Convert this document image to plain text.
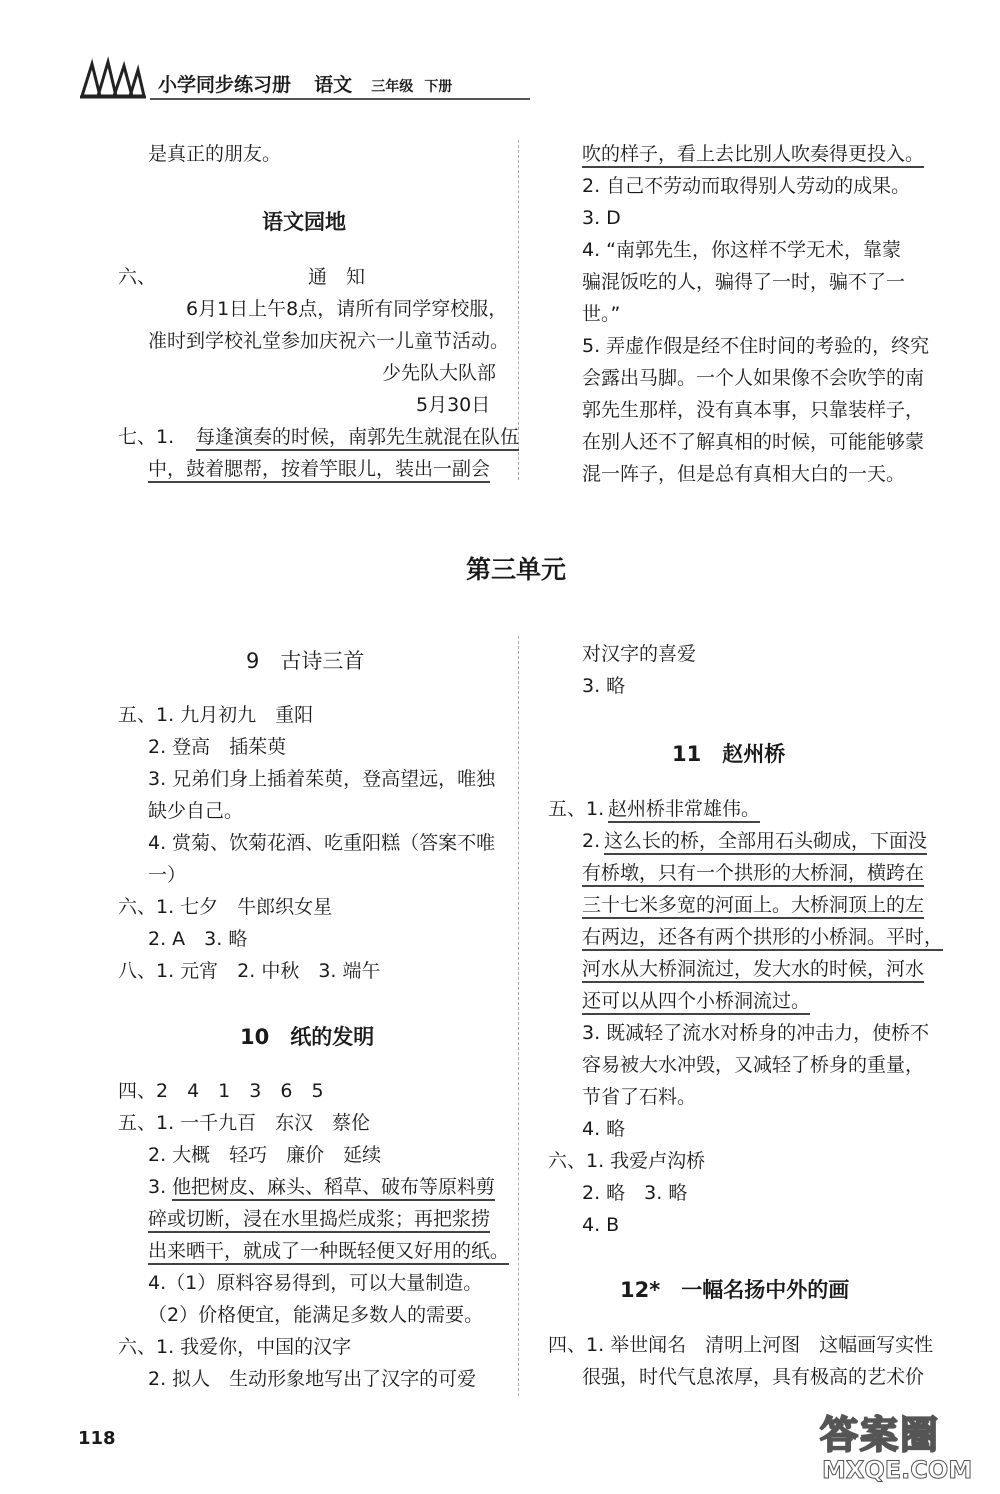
小学同步练习册 语文 三年级 下册
是真正的朋友。
语文园地
六、	通　知
6月1日上午8点，请所有同学穿校服，
准时到学校礼堂参加庆祝六一儿童节活动。
少先队大队部
5月30日
七、1. 每逢演奏的时候，南郭先生就混在队伍
中，鼓着腮帮，按着竽眼儿，装出一副会
吹的样子，看上去比别人吹奏得更投入。
2. 自己不劳动而取得别人劳动的成果。
3. D
4. “南郭先生，你这样不学无术，靠蒙
骗混饭吃的人，骗得了一时，骗不了一
世。”
5. 弄虚作假是经不住时间的考验的，终究
会露出马脚。一个人如果像不会吹竽的南
郭先生那样，没有真本事，只靠装样子，
在别人还不了解真相的时候，可能能够蒙
混一阵子，但是总有真相大白的一天。
第三单元
9　古诗三首
五、1. 九月初九　重阳
2. 登高　插茱萸
3. 兄弟们身上插着茱萸，登高望远，唯独
缺少自己。
4. 赏菊、饮菊花酒、吃重阳糕（答案不唯
一）
六、1. 七夕　牛郎织女星
2. A　3. 略
八、1. 元宵　2. 中秋　3. 端午
10　纸的发明
四、2　4　1　3　6　5
五、1. 一千九百　东汉　蔡伦
2. 大概　轻巧　廉价　延续
3. 他把树皮、麻头、稻草、破布等原料剪
碎或切断，浸在水里捣烂成浆；再把浆捞
出来晒干，就成了一种既轻便又好用的纸。
4.（1）原料容易得到，可以大量制造。
（2）价格便宜，能满足多数人的需要。
六、1. 我爱你，中国的汉字
2. 拟人　生动形象地写出了汉字的可爱
对汉字的喜爱
3. 略
11　赵州桥
五、1. 赵州桥非常雄伟。
2. 这么长的桥，全部用石头砌成，下面没
有桥墩，只有一个拱形的大桥洞，横跨在
三十七米多宽的河面上。大桥洞顶上的左
右两边，还各有两个拱形的小桥洞。平时，
河水从大桥洞流过，发大水的时候，河水
还可以从四个小桥洞流过。
3. 既减轻了流水对桥身的冲击力，使桥不
容易被大水冲毁，又减轻了桥身的重量，
节省了石料。
4. 略
六、1. 我爱卢沟桥
2. 略　3. 略
4. B
12*　一幅名扬中外的画
四、1. 举世闻名　清明上河图　这幅画写实性
很强，时代气息浓厚，具有极高的艺术价
118	答案圈
MXQE.COM
